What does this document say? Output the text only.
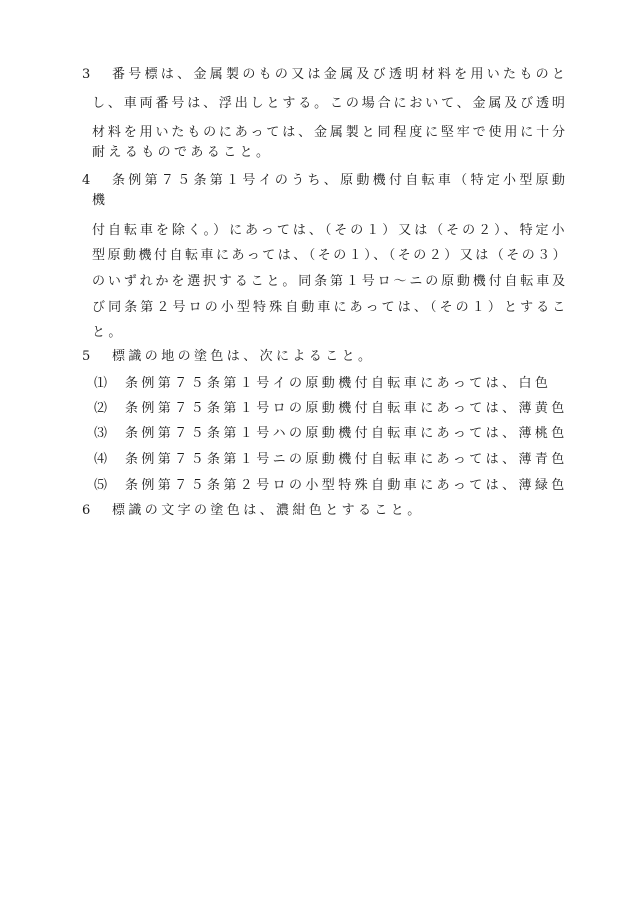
3 番号標は、金属製のもの又は金属及び透明材料を用いたものと
し、車両番号は、浮出しとする。この場合において、金属及び透明
材料を用いたものにあっては、金属製と同程度に堅牢で使用に十分
耐えるものであること。
4 条例第７５条第１号イのうち、原動機付自転車（特定小型原動
機
付自転車を除く。）にあっては、（その１）又は（その２）、特定小
型原動機付自転車にあっては、（その１）、（その２）又は（その３）
のいずれかを選択すること。同条第１号ロ～ニの原動機付自転車及
び同条第２号ロの小型特殊自動車にあっては、（その１）とするこ
と。
5 標識の地の塗色は、次によること。
⑴ 条例第７５条第１号イの原動機付自転車にあっては、白色
⑵ 条例第７５条第１号ロの原動機付自転車にあっては、薄黄色
⑶ 条例第７５条第１号ハの原動機付自転車にあっては、薄桃色
⑷ 条例第７５条第１号ニの原動機付自転車にあっては、薄青色
⑸ 条例第７５条第２号ロの小型特殊自動車にあっては、薄緑色
6 標識の文字の塗色は、濃紺色とすること。
